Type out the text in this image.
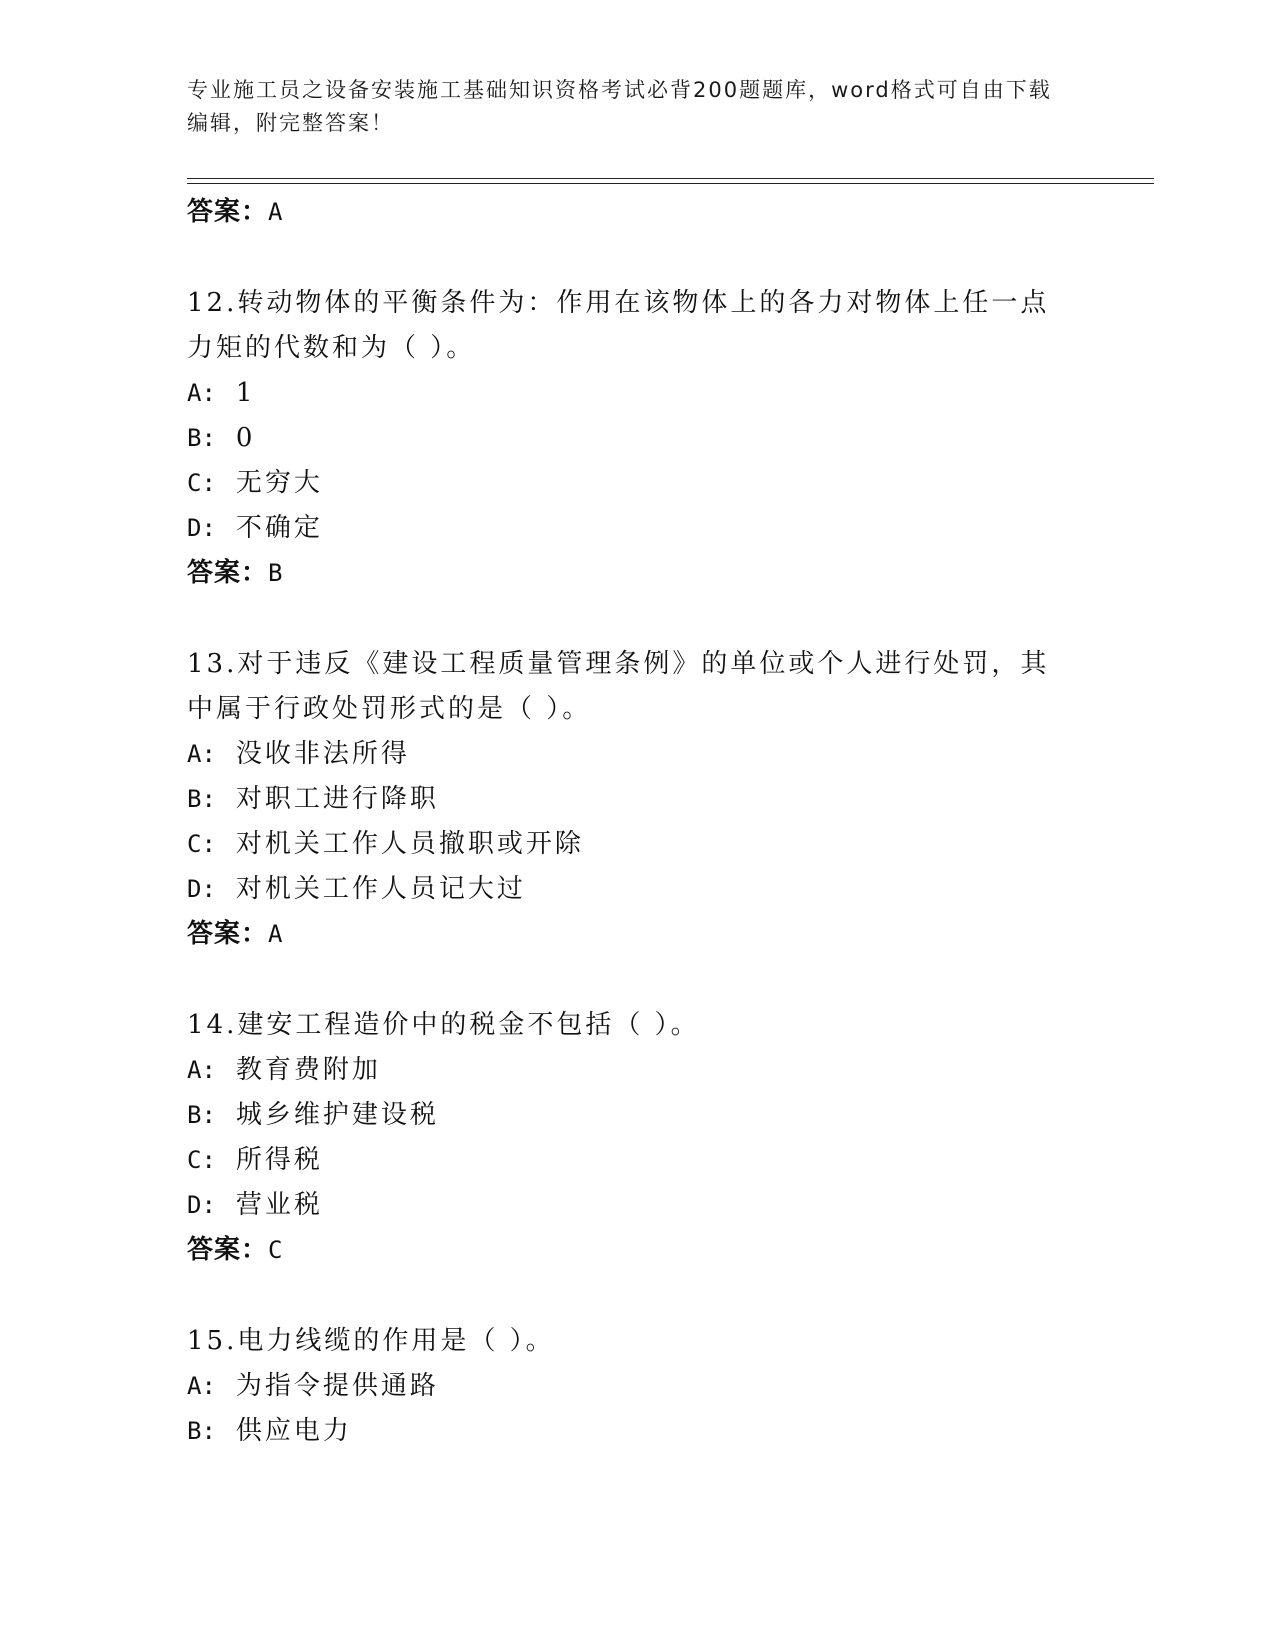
专业施工员之设备安装施工基础知识资格考试必背200题题库，word格式可自由下载编辑，附完整答案！
答案：A
12.转动物体的平衡条件为：作用在该物体上的各力对物体上任一点力矩的代数和为（ ）。
A: 1
B: 0
C: 无穷大
D: 不确定
答案：B
13.对于违反《建设工程质量管理条例》的单位或个人进行处罚，其中属于行政处罚形式的是（ ）。
A: 没收非法所得
B: 对职工进行降职
C: 对机关工作人员撤职或开除
D: 对机关工作人员记大过
答案：A
14.建安工程造价中的税金不包括（ ）。
A: 教育费附加
B: 城乡维护建设税
C: 所得税
D: 营业税
答案：C
15.电力线缆的作用是（ ）。
A: 为指令提供通路
B: 供应电力
